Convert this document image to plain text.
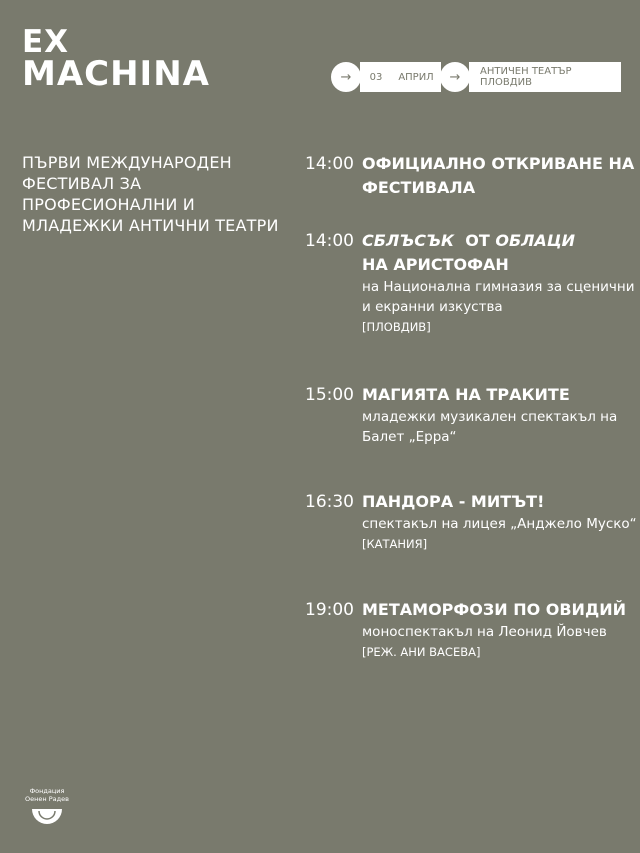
EX
MACHINA	→	03	АПРИЛ	→	АНТИЧЕН ТЕАТЪР ПЛОВДИВ
ПЪРВИ МЕЖДУНАРОДЕН ФЕСТИВАЛ ЗА ПРОФЕСИОНАЛНИ И МЛАДЕЖКИ АНТИЧНИ ТЕАТРИ
14:00 ОФИЦИАЛНО ОТКРИВАНЕ НА ФЕСТИВАЛА
14:00 СБЛЪСЪК ОТ ОБЛАЦИ
НА АРИСТОФАН
на Национална гимназия за сценични и екранни изкуства
[ПЛОВДИВ]
15:00 МАГИЯТА НА ТРАКИТЕ
младежки музикален спектакъл на Балет „Ерра“
16:30 ПАНДОРА - МИТЪТ!
спектакъл на лицея „Анджело Муско“
[КАТАНИЯ]
19:00 МЕТАМОРФОЗИ ПО ОВИДИЙ
моноспектакъл на Леонид Йовчев
[РЕЖ. АНИ ВАСЕВА]
Фондация
Оенен Радев
